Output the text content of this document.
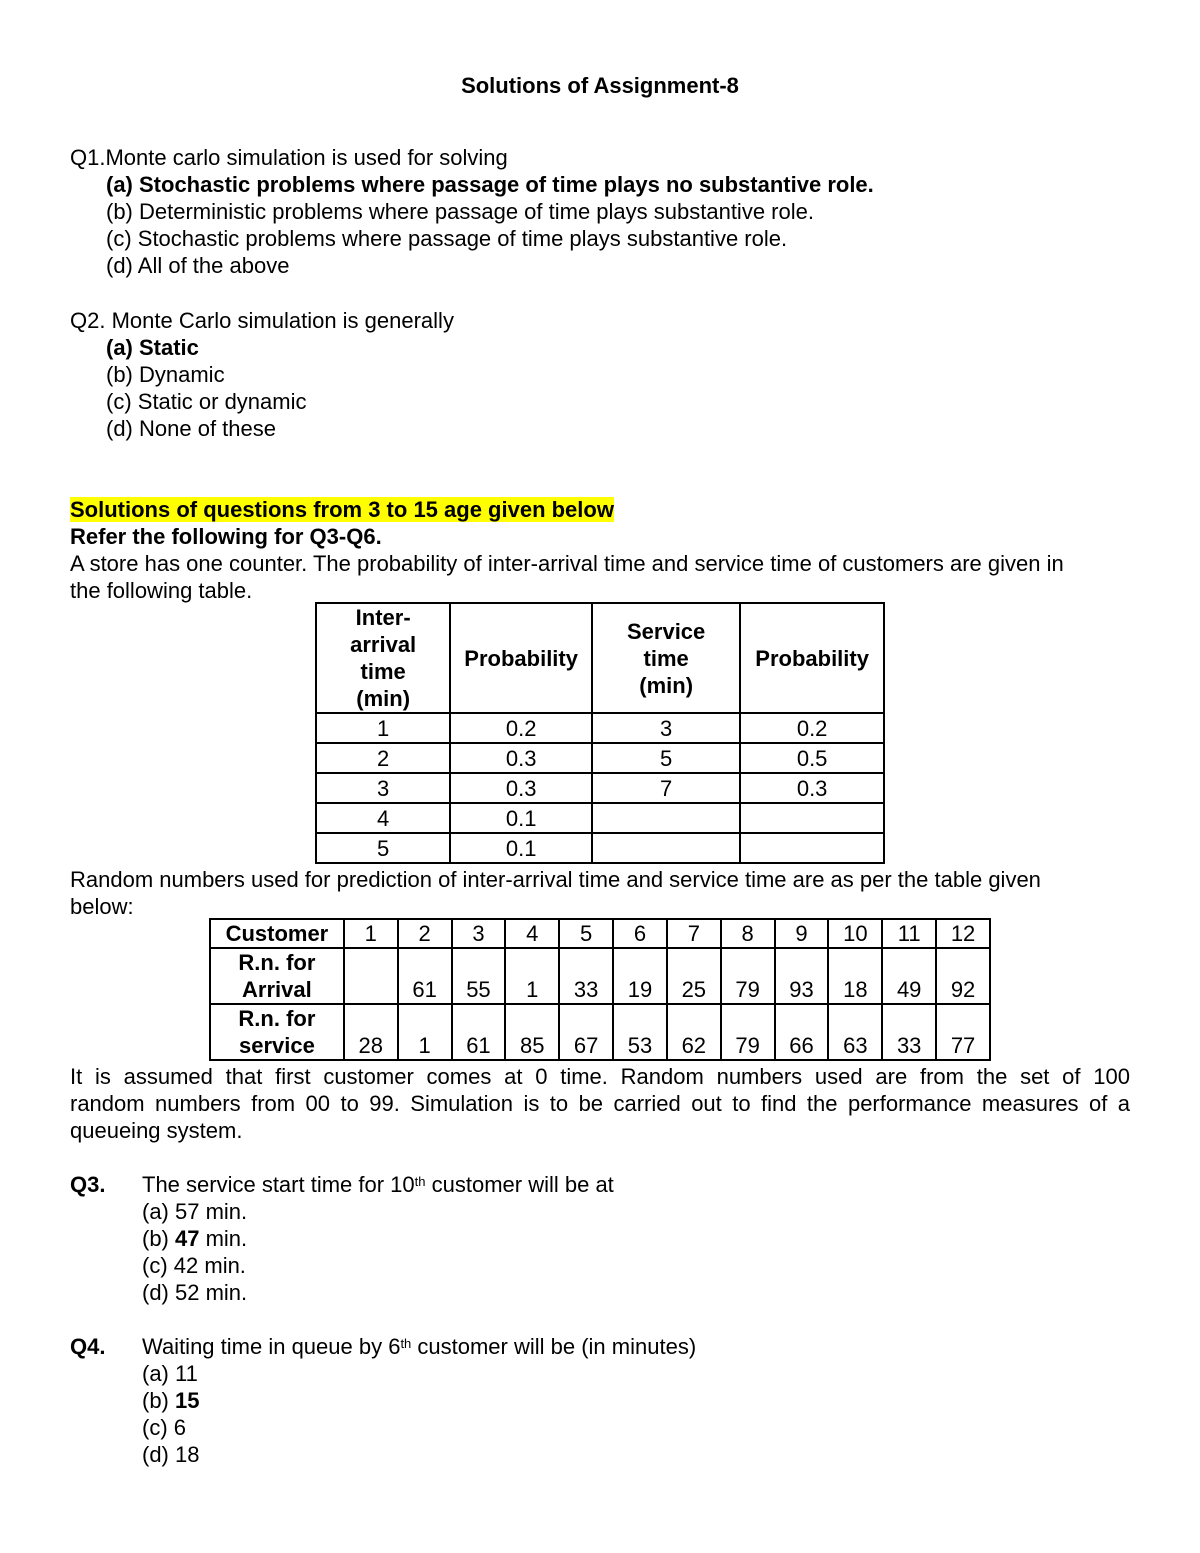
Solutions of Assignment-8
Q1.Monte carlo simulation is used for solving
(a) Stochastic problems where passage of time plays no substantive role.
(b) Deterministic problems where passage of time plays substantive role.
(c) Stochastic problems where passage of time plays substantive role.
(d) All of the above
Q2. Monte Carlo simulation is generally
(a) Static
(b) Dynamic
(c) Static or dynamic
(d) None of these
Solutions of questions from 3 to 15 age given below
Refer the following for Q3-Q6.
A store has one counter. The probability of inter-arrival time and service time of customers are given in
the following table.
Inter-
arrival
time
(min)	Probability	Service
time
(min)	Probability
1	0.2	3	0.2
2	0.3	5	0.5
3	0.3	7	0.3
4	0.1		
5	0.1		
Random numbers used for prediction of inter-arrival time and service time are as per the table given
below:
Customer	1	2	3	4	5	6	7	8	9	10	11	12
R.n. for
Arrival		61	55	1	33	19	25	79	93	18	49	92
R.n. for
service	28	1	61	85	67	53	62	79	66	63	33	77
It is assumed that first customer comes at 0 time. Random numbers used are from the set of 100
random numbers from 00 to 99. Simulation is to be carried out to find the performance measures of a
queueing system.
Q3. The service start time for 10th customer will be at
(a) 57 min.
(b) 47 min.
(c) 42 min.
(d) 52 min.
Q4. Waiting time in queue by 6th customer will be (in minutes)
(a) 11
(b) 15
(c) 6
(d) 18
